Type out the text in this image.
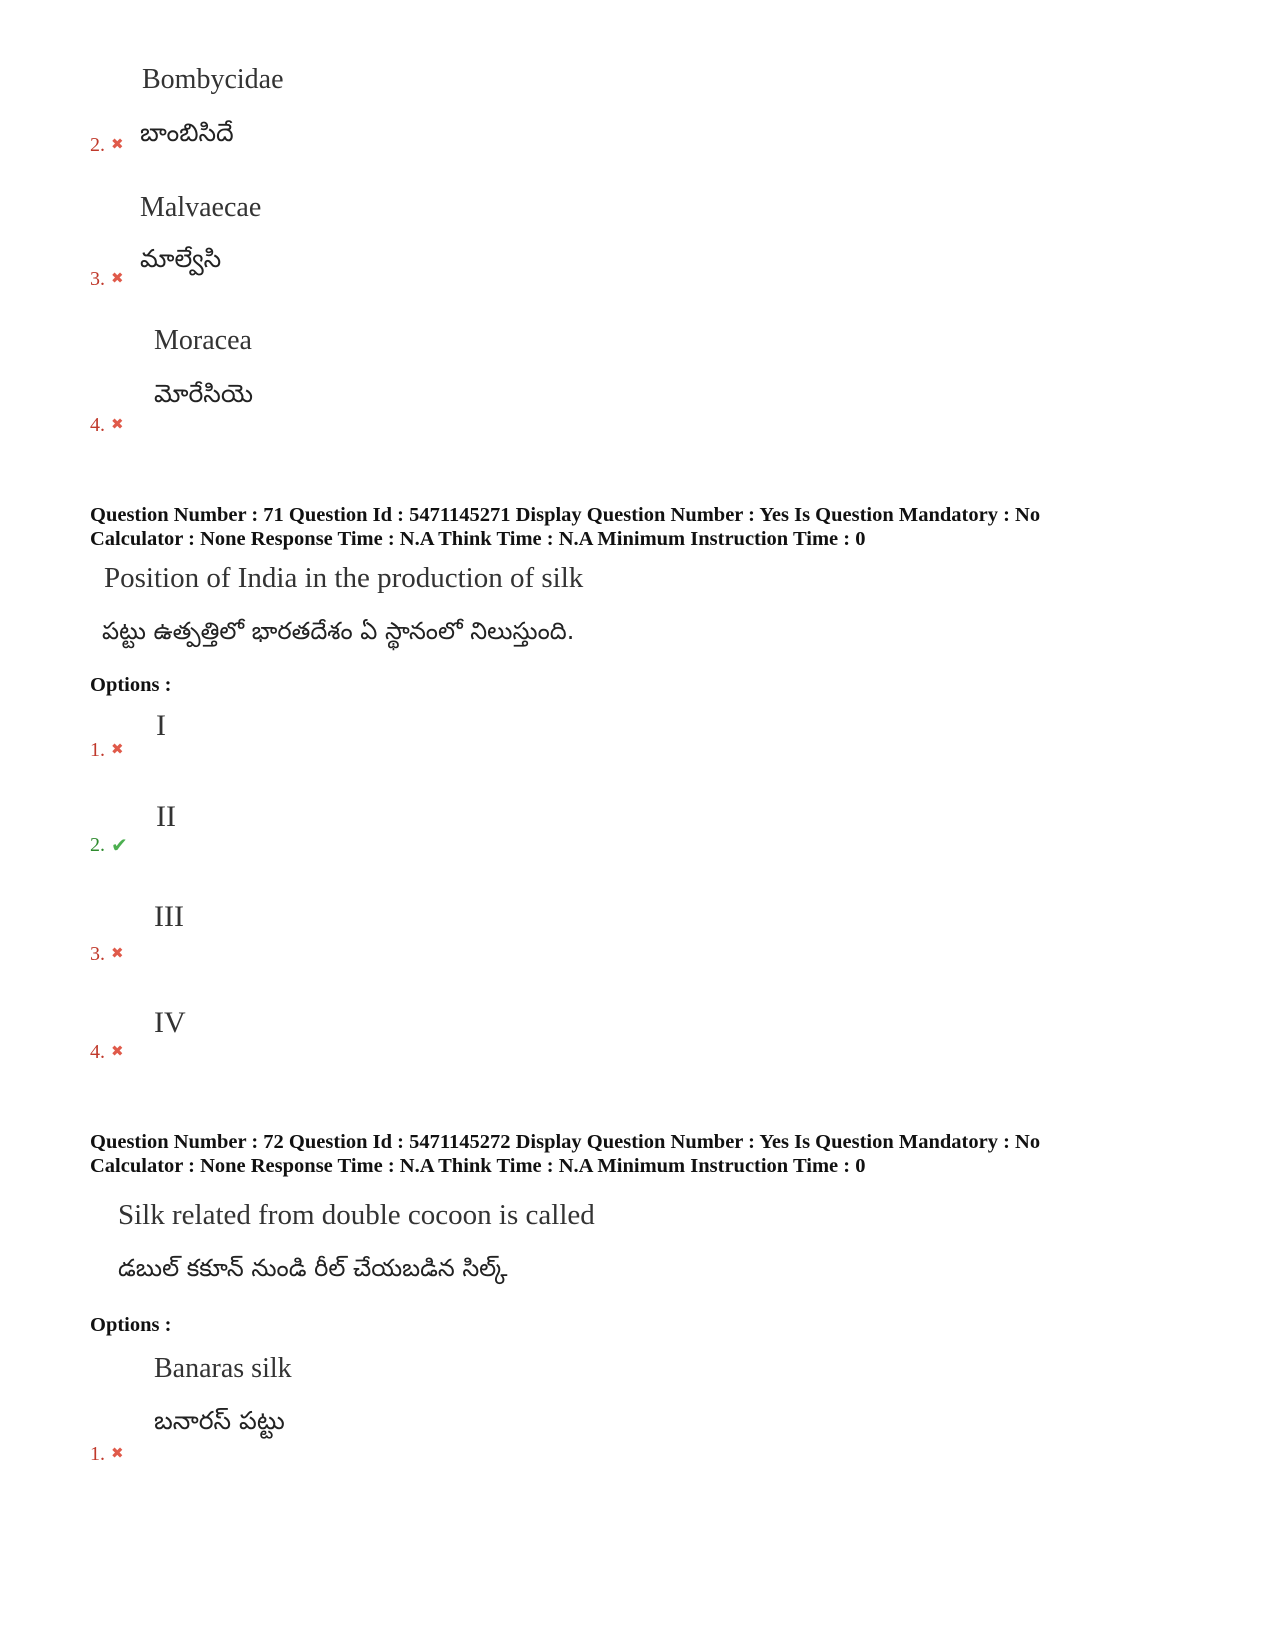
Bombycidae
బాంబిసిదే
2. ✖
Malvaecae
మాల్వేసి
3. ✖
Moracea
మోరేసియె
4. ✖
Question Number : 71 Question Id : 5471145271 Display Question Number : Yes Is Question Mandatory : No
Calculator : None Response Time : N.A Think Time : N.A Minimum Instruction Time : 0
Position of India in the production of silk
పట్టు ఉత్పత్తిలో భారతదేశం ఏ స్థానంలో నిలుస్తుంది.
Options :
I
1. ✖
II
2. ✔
III
3. ✖
IV
4. ✖
Question Number : 72 Question Id : 5471145272 Display Question Number : Yes Is Question Mandatory : No
Calculator : None Response Time : N.A Think Time : N.A Minimum Instruction Time : 0
Silk related from double cocoon is called
డబుల్ కకూన్ నుండి రీల్ చేయబడిన సిల్క్
Options :
Banaras silk
బనారస్ పట్టు
1. ✖
